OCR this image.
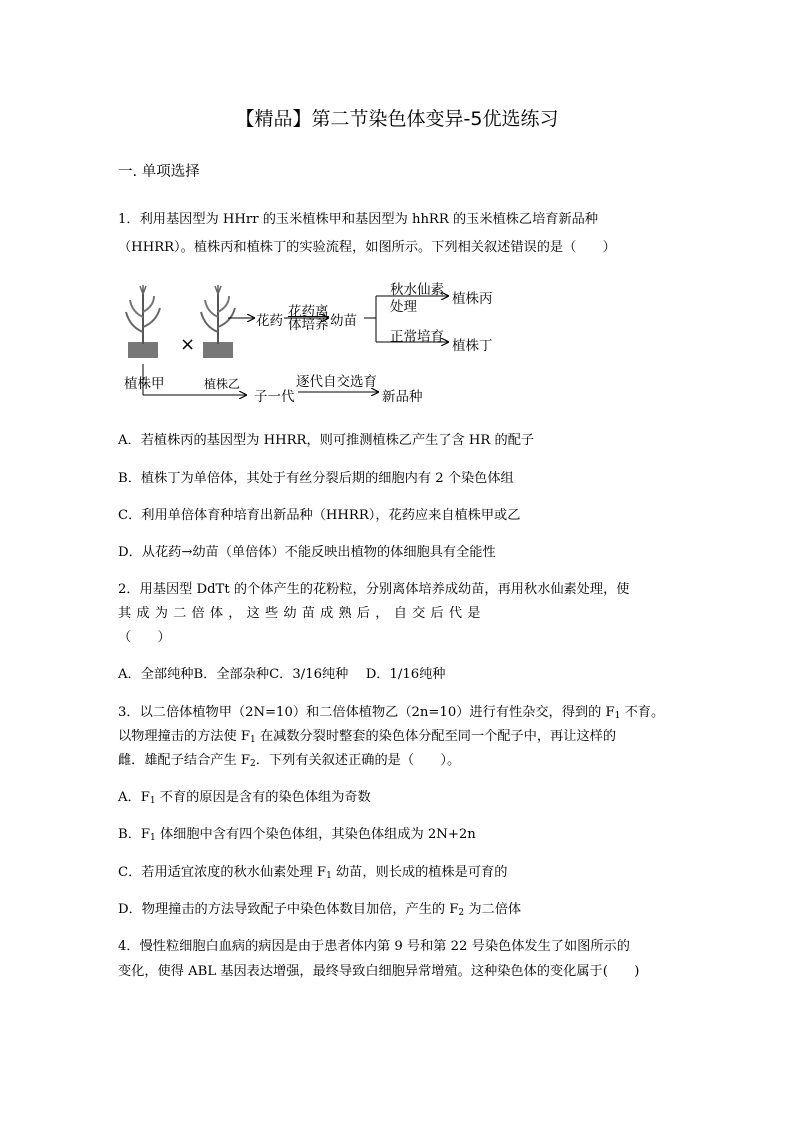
【精品】第二节染色体变异-5优选练习
一. 单项选择
1．利用基因型为 HHrr 的玉米植株甲和基因型为 hhRR 的玉米植株乙培育新品种
（HHRR）。植株丙和植株丁的实验流程，如图所示。下列相关叙述错误的是（　　）
×
植株甲	植株乙
花药
花药离
体培养 幼苗
秋水仙素
处理	植株丙
正常培育
植株丁
子一代
逐代自交选育
新品种
A．若植株丙的基因型为 HHRR，则可推测植株乙产生了含 HR 的配子
B．植株丁为单倍体，其处于有丝分裂后期的细胞内有 2 个染色体组
C．利用单倍体育种培育出新品种（HHRR），花药应来自植株甲或乙
D．从花药→幼苗（单倍体）不能反映出植物的体细胞具有全能性
2．用基因型 DdTt 的个体产生的花粉粒，分别离体培养成幼苗，再用秋水仙素处理，使
其 成 为 二 倍 体 ， 这 些 幼 苗 成 熟 后 ， 自 交 后 代 是
（　　）
A．全部纯种B．全部杂种C．3/16纯种　 D．1/16纯种
3．以二倍体植物甲（2N=10）和二倍体植物乙（2n=10）进行有性杂交，得到的 $F_1$ 不育。
以物理撞击的方法使 $F_1$ 在减数分裂时整套的染色体分配至同一个配子中，再让这样的
雌．雄配子结合产生 $F_2$．下列有关叙述正确的是（　　）。
A．$F_1$ 不育的原因是含有的染色体组为奇数
B．$F_1$ 体细胞中含有四个染色体组，其染色体组成为 2N+2n
C．若用适宜浓度的秋水仙素处理 $F_1$ 幼苗，则长成的植株是可育的
D．物理撞击的方法导致配子中染色体数目加倍，产生的 $F_2$ 为二倍体
4．慢性粒细胞白血病的病因是由于患者体内第 9 号和第 22 号染色体发生了如图所示的
变化，使得 ABL 基因表达增强，最终导致白细胞异常增殖。这种染色体的变化属于(　　)
